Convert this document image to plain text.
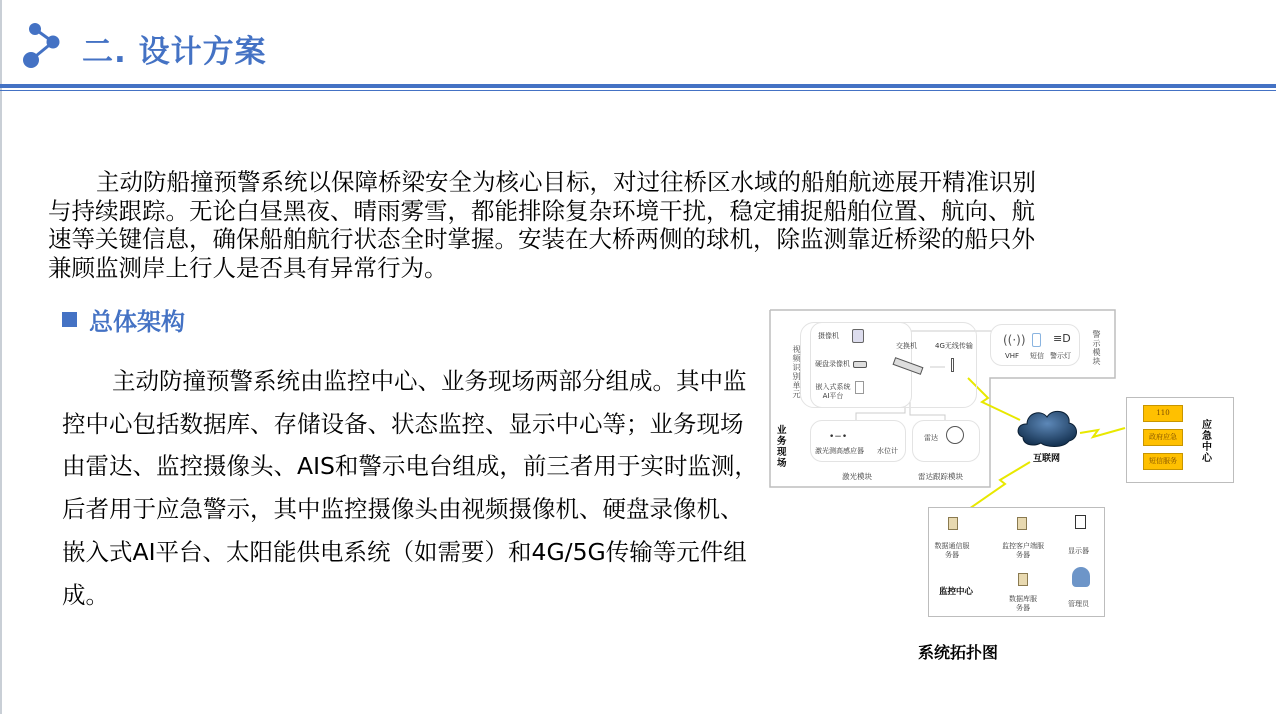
二. 设计方案
主动防船撞预警系统以保障桥梁安全为核心目标，对过往桥区水域的船舶航迹展开精准识别与持续跟踪。无论白昼黑夜、晴雨雾雪，都能排除复杂环境干扰，稳定捕捉船舶位置、航向、航速等关键信息，确保船舶航行状态全时掌握。安装在大桥两侧的球机，除监测靠近桥梁的船只外兼顾监测岸上行人是否具有异常行为。
总体架构
主动防撞预警系统由监控中心、业务现场两部分组成。其中监控中心包括数据库、存储设备、状态监控、显示中心等；业务现场由雷达、监控摄像头、AIS和警示电台组成，前三者用于实时监测，后者用于应急警示，其中监控摄像头由视频摄像机、硬盘录像机、嵌入式AI平台、太阳能供电系统（如需要）和4G/5G传输等元件组成。
视频识别单元
摄像机
硬盘录像机
嵌入式系统AI平台
交换机	4G无线传输	((·))
VHF 短信
≡D
警示灯
警示模块
业务现场
•−•
激光测高感应器 水位计
雷达
激光模块	雷达跟踪模块
互联网
110
政府应急
短信服务
应急中心
数据通信服务器
监控客户端服务器	显示器
数据库服务器	管理员
监控中心
系统拓扑图
